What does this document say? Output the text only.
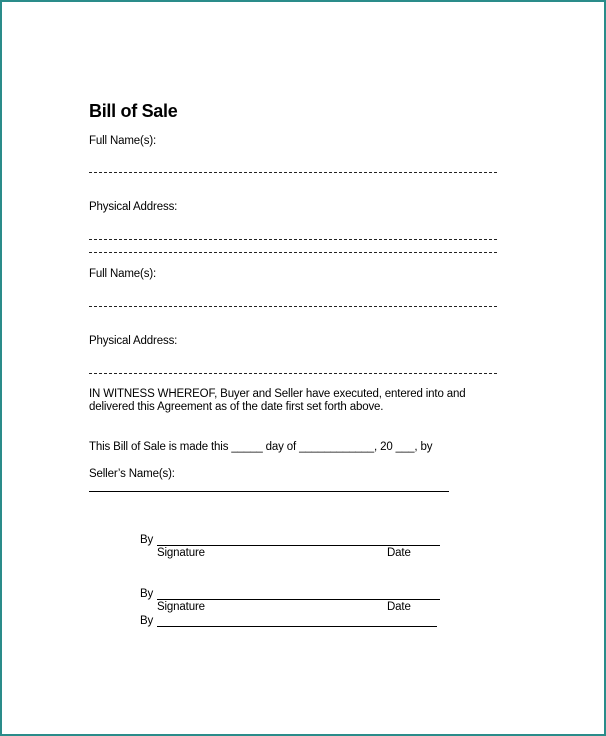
Bill of Sale
Full Name(s):
Physical Address:
Full Name(s):
Physical Address:
IN WITNESS WHEREOF, Buyer and Seller have executed, entered into and
delivered this Agreement as of the date first set forth above.
This Bill of Sale is made this _____ day of ____________, 20 ___, by
Seller’s Name(s):
By
Signature	Date
By
Signature	Date
By
